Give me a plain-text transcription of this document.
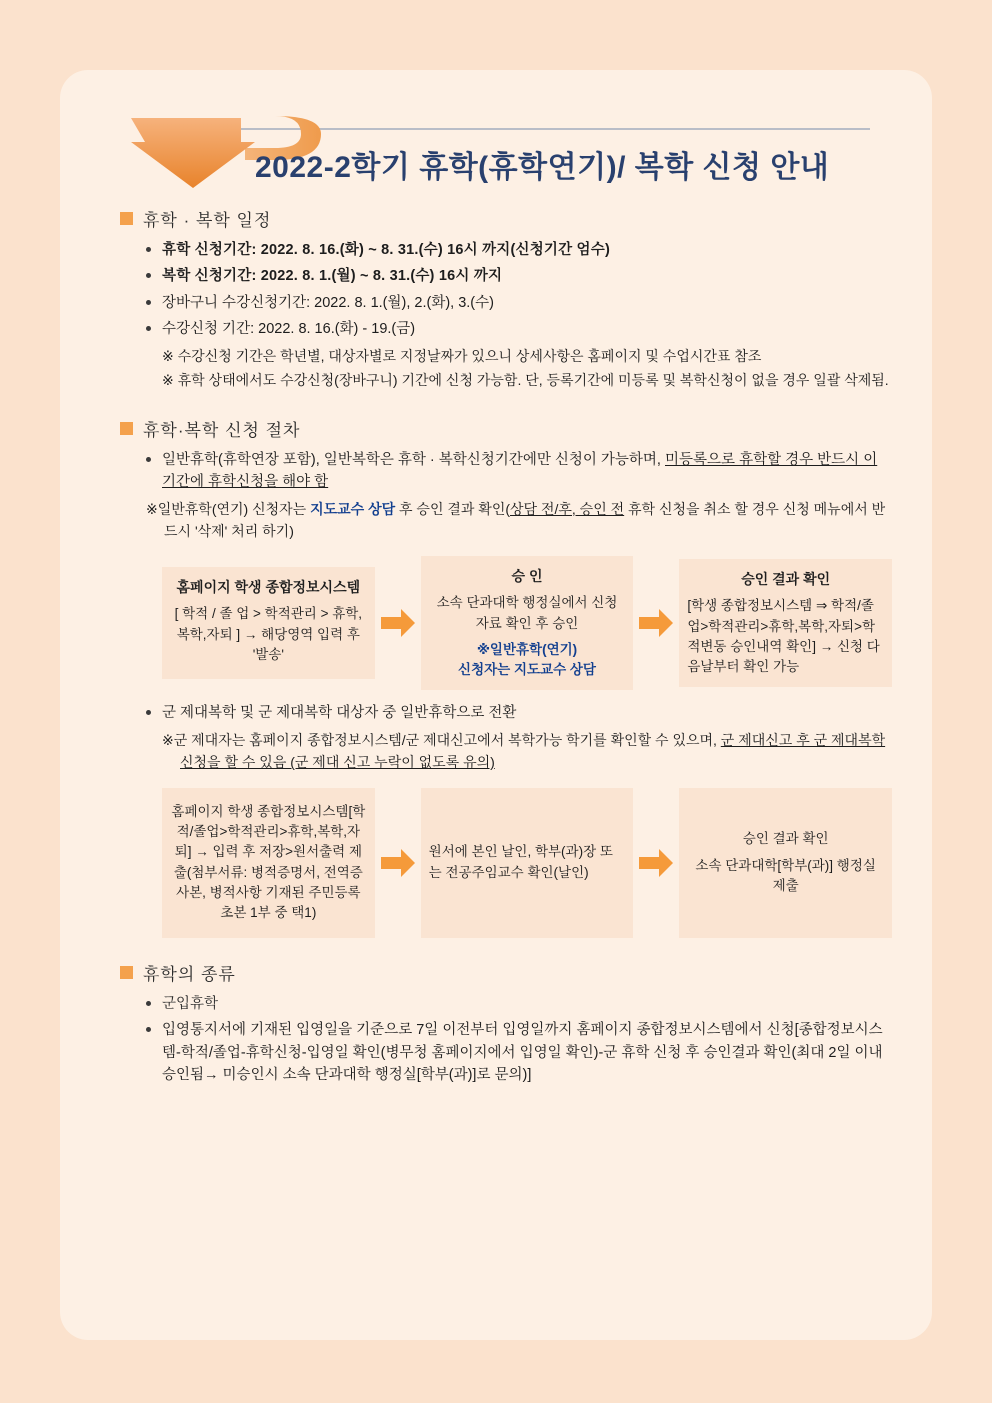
2022-2학기 휴학(휴학연기)/ 복학 신청 안내
휴학 · 복학 일정
휴학 신청기간: 2022. 8. 16.(화) ~ 8. 31.(수) 16시 까지(신청기간 엄수)
복학 신청기간: 2022. 8. 1.(월) ~ 8. 31.(수) 16시 까지
장바구니 수강신청기간: 2022. 8. 1.(월), 2.(화), 3.(수)
수강신청 기간: 2022. 8. 16.(화) - 19.(금)
※ 수강신청 기간은 학년별, 대상자별로 지정날짜가 있으니 상세사항은 홈페이지 및 수업시간표 참조
※ 휴학 상태에서도 수강신청(장바구니) 기간에 신청 가능함. 단, 등록기간에 미등록 및 복학신청이 없을 경우 일괄 삭제됨.
휴학·복학 신청 절차
일반휴학(휴학연장 포함), 일반복학은 휴학 · 복학신청기간에만 신청이 가능하며, 미등록으로 휴학할 경우 반드시 이 기간에 휴학신청을 해야 함
※일반휴학(연기) 신청자는 지도교수 상담 후 승인 결과 확인(상담 전/후, 승인 전 휴학 신청을 취소 할 경우 신청 메뉴에서 반드시 '삭제' 처리 하기)
홈페이지 학생 종합정보시스템
[ 학적 / 졸 업 > 학적관리 > 휴학,복학,자퇴 ] → 해당영역 입력 후 '발송'
승 인
소속 단과대학 행정실에서 신청 자료 확인 후 승인
※일반휴학(연기)
신청자는 지도교수 상담
승인 결과 확인
[학생 종합정보시스템 ⇒ 학적/졸업>학적관리>휴학,복학,자퇴>학적변동 승인내역 확인] → 신청 다음날부터 확인 가능
군 제대복학 및 군 제대복학 대상자 중 일반휴학으로 전환
※군 제대자는 홈페이지 종합정보시스템/군 제대신고에서 복학가능 학기를 확인할 수 있으며, 군 제대신고 후 군 제대복학신청을 할 수 있음 (군 제대 신고 누락이 없도록 유의)
홈페이지 학생 종합정보시스템[학적/졸업>학적관리>휴학,복학,자퇴] → 입력 후 저장>원서출력 제출(첨부서류: 병적증명서, 전역증 사본, 병적사항 기재된 주민등록초본 1부 중 택1)
원서에 본인 날인, 학부(과)장 또는 전공주임교수 확인(날인)
승인 결과 확인
소속 단과대학[학부(과)] 행정실 제출
휴학의 종류
군입휴학
입영통지서에 기재된 입영일을 기준으로 7일 이전부터 입영일까지 홈페이지 종합정보시스템에서 신청[종합정보시스템-학적/졸업-휴학신청-입영일 확인(병무청 홈페이지에서 입영일 확인)-군 휴학 신청 후 승인결과 확인(최대 2일 이내 승인됨→ 미승인시 소속 단과대학 행정실[학부(과)]로 문의)]
